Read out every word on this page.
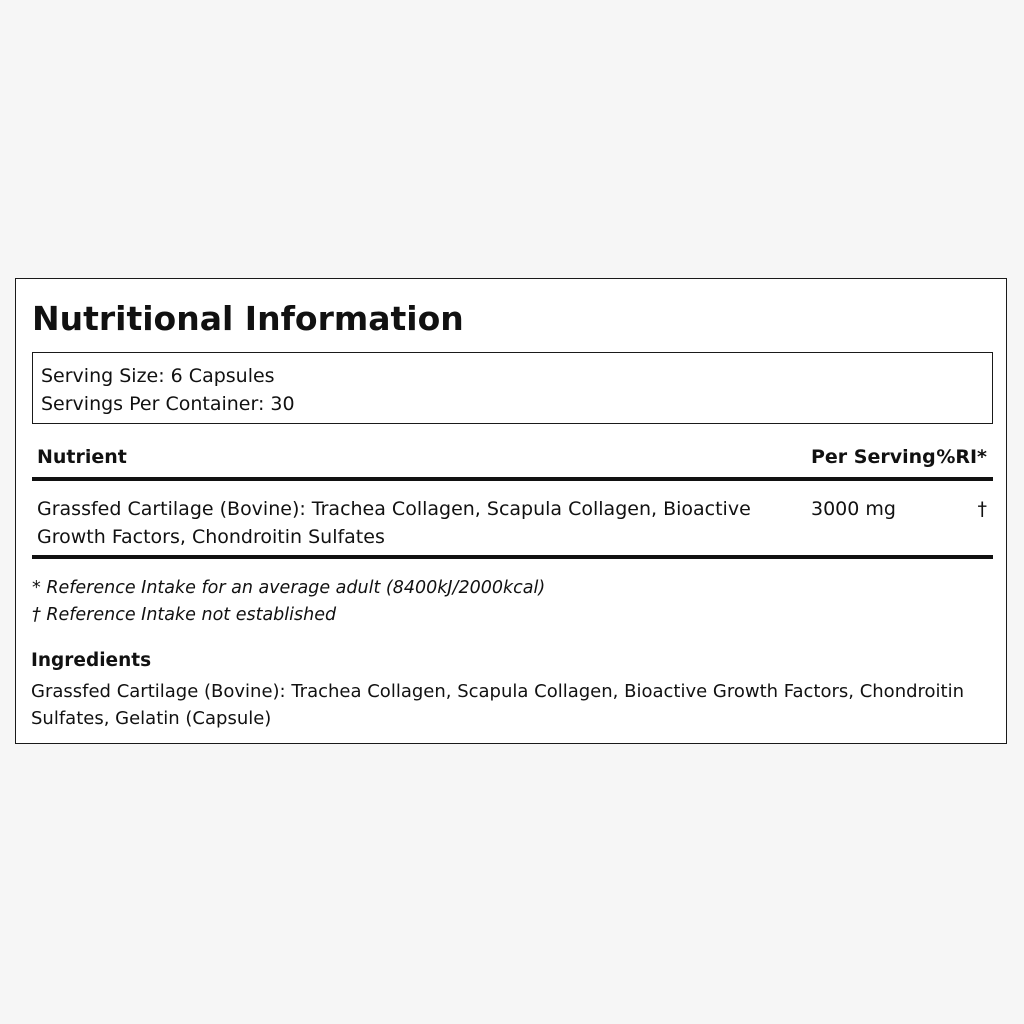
Nutritional Information
Serving Size: 6 Capsules
Servings Per Container: 30
Nutrient	Per Serving %RI*
Grassfed Cartilage (Bovine): Trachea Collagen, Scapula Collagen, Bioactive Growth Factors, Chondroitin Sulfates
3000 mg	†
* Reference Intake for an average adult (8400kJ/2000kcal)
† Reference Intake not established
Ingredients

Grassfed Cartilage (Bovine): Trachea Collagen, Scapula Collagen, Bioactive Growth Factors, Chondroitin Sulfates, Gelatin (Capsule)
